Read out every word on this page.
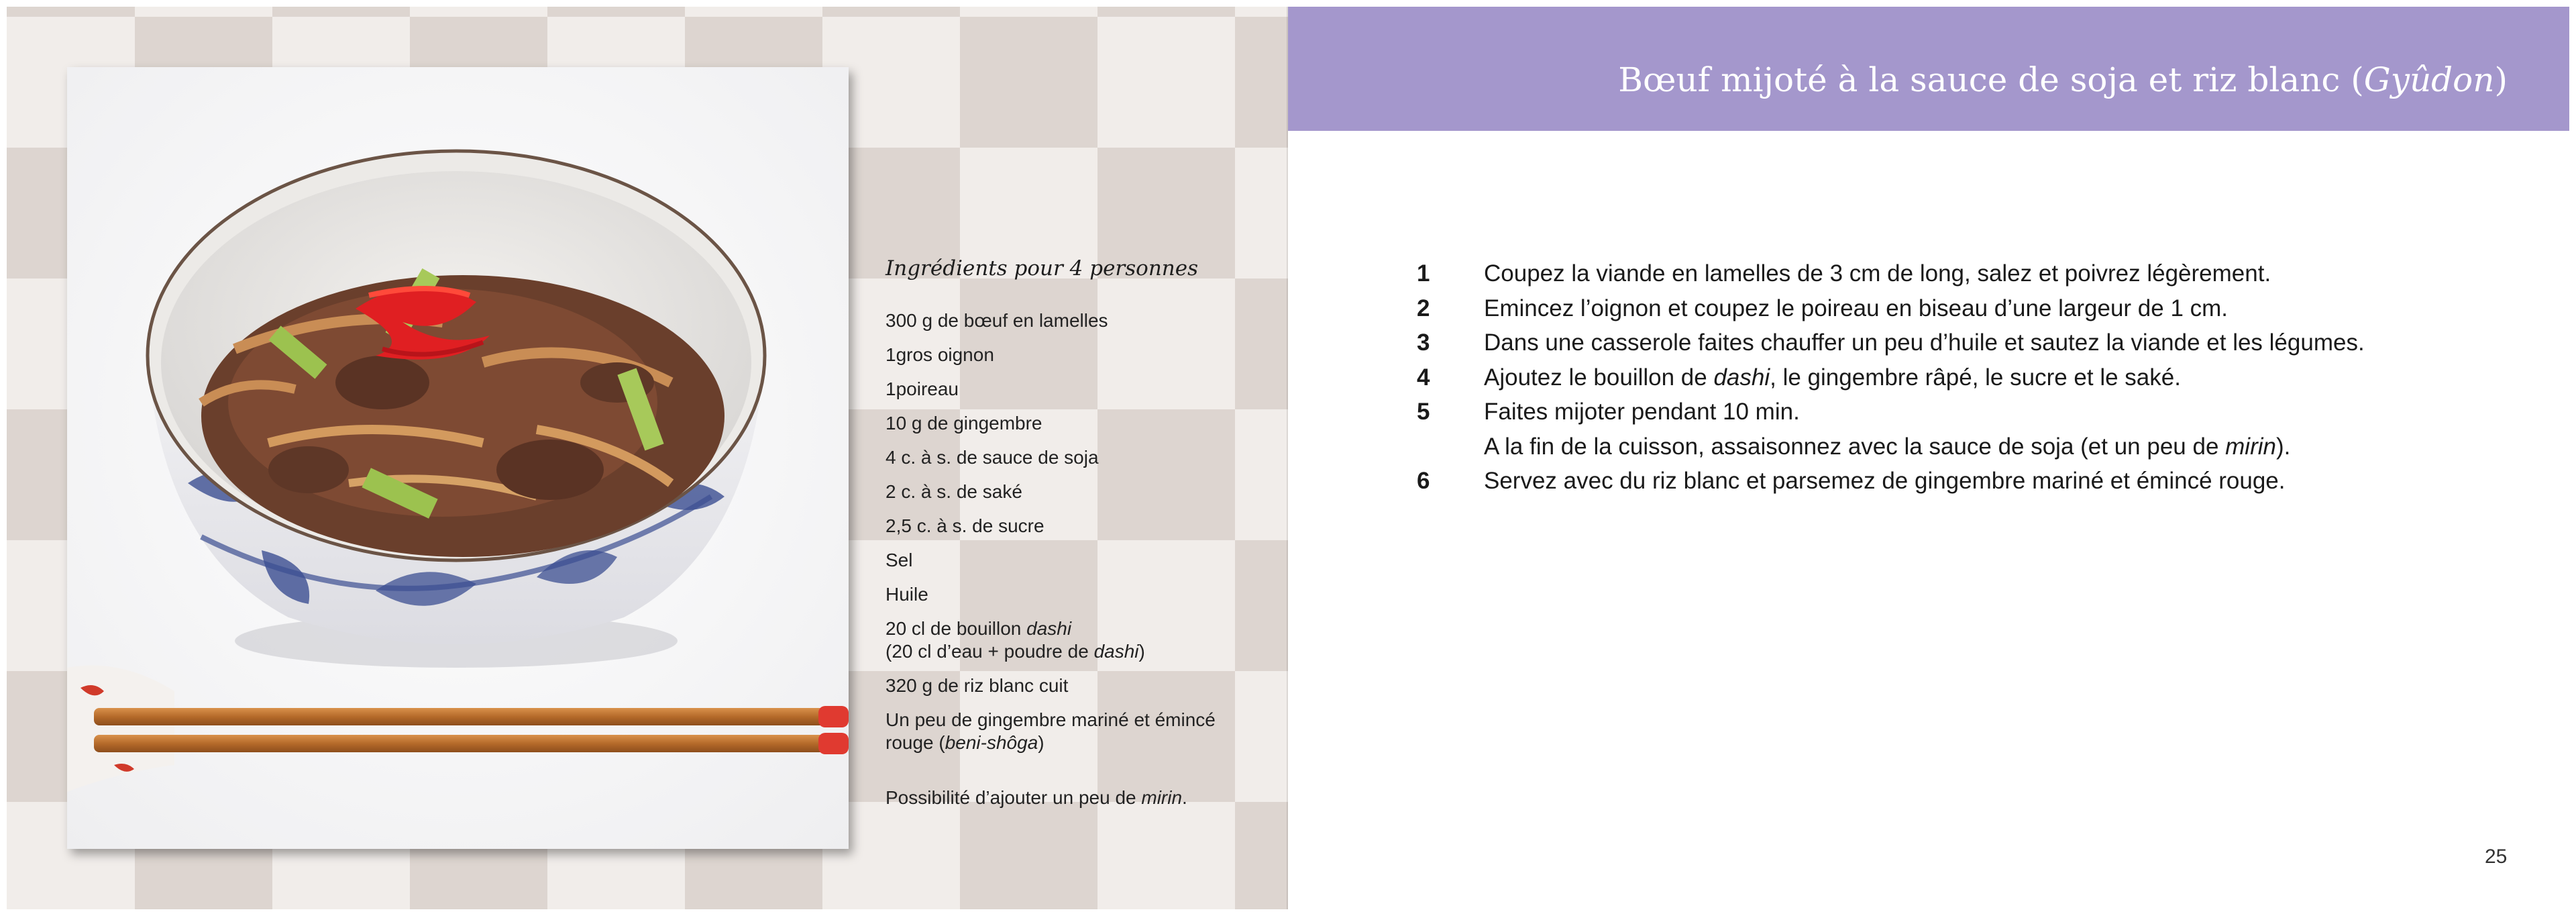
Ingrédients pour 4 personnes
300 g de bœuf en lamelles
1gros oignon
1poireau
10 g de gingembre
4 c. à s. de sauce de soja
2 c. à s. de saké
2,5 c. à s. de sucre
Sel
Huile
20 cl de bouillon dashi
(20 cl d’eau + poudre de dashi)
320 g de riz blanc cuit
Un peu de gingembre mariné et émincé rouge (beni-shôga)
Possibilité d’ajouter un peu de mirin.
Bœuf mijoté à la sauce de soja et riz blanc (Gyûdon)
1	Coupez la viande en lamelles de 3 cm de long, salez et poivrez légèrement.
2	Emincez l’oignon et coupez le poireau en biseau d’une largeur de 1 cm.
3	Dans une casserole faites chauffer un peu d’huile et sautez la viande et les légumes.
4	Ajoutez le bouillon de dashi, le gingembre râpé, le sucre et le saké.
5	Faites mijoter pendant 10 min.
A la fin de la cuisson, assaisonnez avec la sauce de soja (et un peu de mirin).
6	Servez avec du riz blanc et parsemez de gingembre mariné et émincé rouge.
25
